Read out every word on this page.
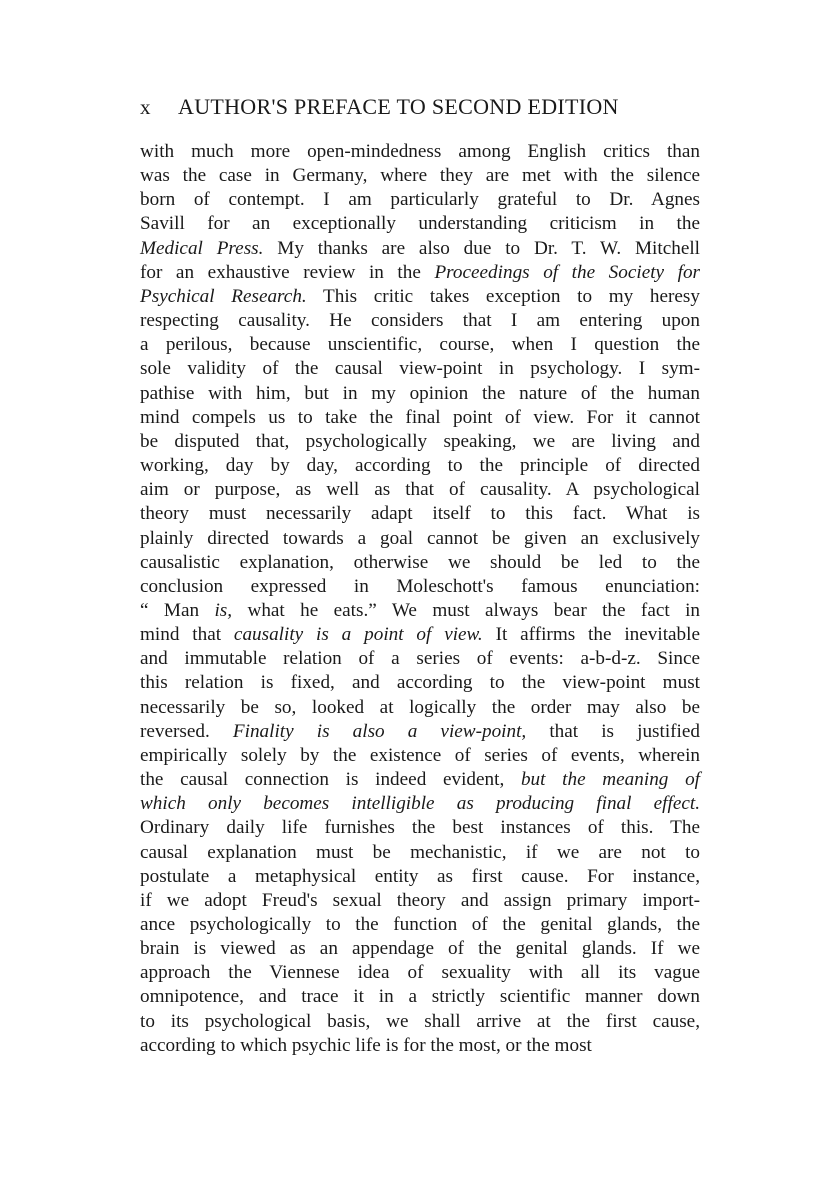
x	AUTHOR'S PREFACE TO SECOND EDITION
with much more open-mindedness among English critics than
was the case in Germany, where they are met with the silence
born of contempt. I am particularly grateful to Dr. Agnes
Savill for an exceptionally understanding criticism in the
Medical Press. My thanks are also due to Dr. T. W. Mitchell
for an exhaustive review in the Proceedings of the Society for
Psychical Research. This critic takes exception to my heresy
respecting causality. He considers that I am entering upon
a perilous, because unscientific, course, when I question the
sole validity of the causal view-point in psychology. I sym-
pathise with him, but in my opinion the nature of the human
mind compels us to take the final point of view. For it cannot
be disputed that, psychologically speaking, we are living and
working, day by day, according to the principle of directed
aim or purpose, as well as that of causality. A psychological
theory must necessarily adapt itself to this fact. What is
plainly directed towards a goal cannot be given an exclusively
causalistic explanation, otherwise we should be led to the
conclusion expressed in Moleschott's famous enunciation:
“ Man is, what he eats.” We must always bear the fact in
mind that causality is a point of view. It affirms the inevitable
and immutable relation of a series of events: a-b-d-z. Since
this relation is fixed, and according to the view-point must
necessarily be so, looked at logically the order may also be
reversed. Finality is also a view-point, that is justified
empirically solely by the existence of series of events, wherein
the causal connection is indeed evident, but the meaning of
which only becomes intelligible as producing final effect.
Ordinary daily life furnishes the best instances of this. The
causal explanation must be mechanistic, if we are not to
postulate a metaphysical entity as first cause. For instance,
if we adopt Freud's sexual theory and assign primary import-
ance psychologically to the function of the genital glands, the
brain is viewed as an appendage of the genital glands. If we
approach the Viennese idea of sexuality with all its vague
omnipotence, and trace it in a strictly scientific manner down
to its psychological basis, we shall arrive at the first cause,
according to which psychic life is for the most, or the most
